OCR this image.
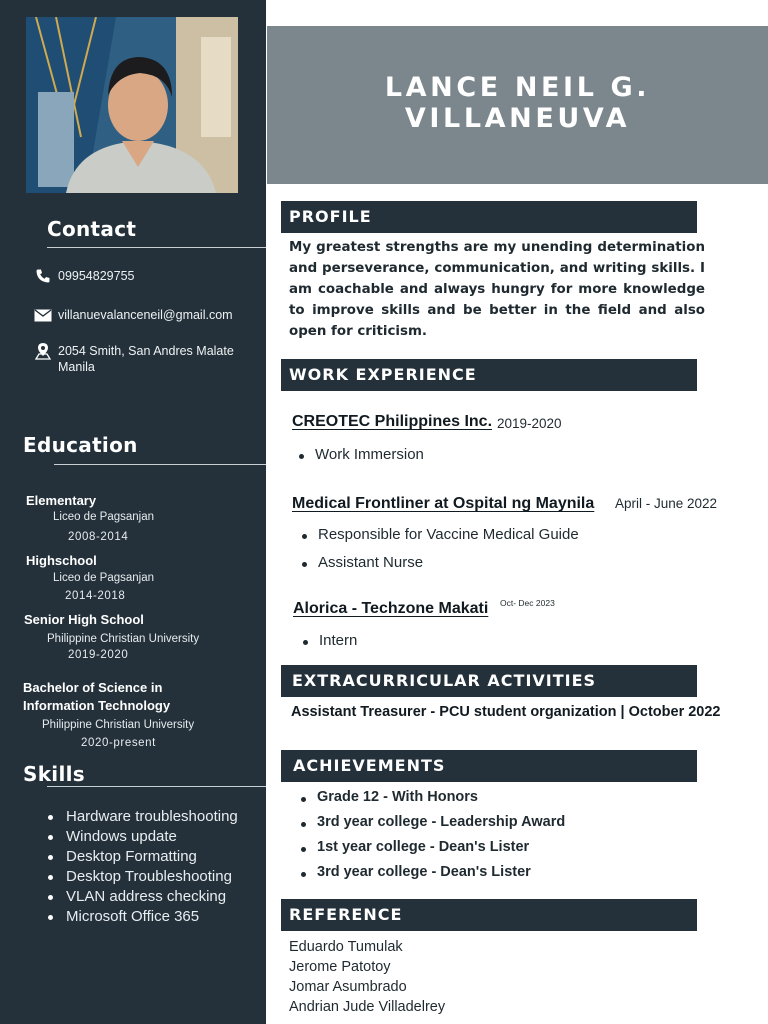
Contact
09954829755
villanuevalanceneil@gmail.com
2054 Smith, San Andres Malate
Manila
Education
Elementary
Liceo de Pagsanjan
2008-2014
Highschool
Liceo de Pagsanjan
2014-2018
Senior High School
Philippine Christian University
2019-2020
Bachelor of Science in
Information Technology
Philippine Christian University
2020-present
Skills
Hardware troubleshooting
Windows update
Desktop Formatting
Desktop Troubleshooting
VLAN address checking
Microsoft Office 365
LANCE NEIL G. VILLANEUVA
PROFILE

My greatest strengths are my unending determination and perseverance, communication, and writing skills. I am coachable and always hungry for more knowledge to improve skills and be better in the field and also open for criticism.

WORK EXPERIENCE
CREOTEC Philippines Inc. 2019-2020
Work Immersion
Medical Frontliner at Ospital ng Maynila April - June 2022
Responsible for Vaccine Medical Guide
Assistant Nurse
Alorica - Techzone Makati Oct- Dec 2023
Intern
EXTRACURRICULAR ACTIVITIES
Assistant Treasurer - PCU student organization | October 2022
ACHIEVEMENTS
Grade 12 - With Honors
3rd year college - Leadership Award
1st year college - Dean's Lister
3rd year college - Dean's Lister
REFERENCE
Eduardo Tumulak
Jerome Patotoy
Jomar Asumbrado
Andrian Jude Villadelrey
